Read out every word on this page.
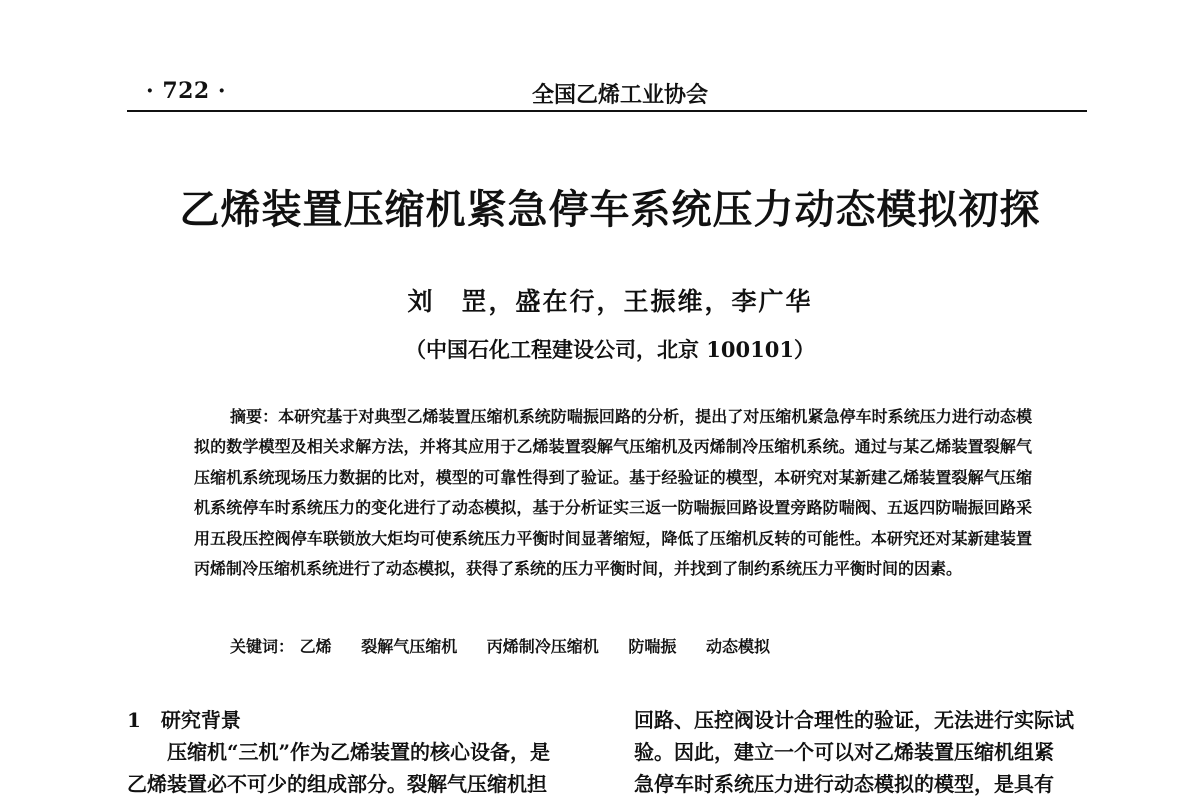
· 722 ·	全国乙烯工业协会
乙烯装置压缩机紧急停车系统压力动态模拟初探
刘　罡，盛在行，王振维，李广华
（中国石化工程建设公司，北京 100101）
摘要：本研究基于对典型乙烯装置压缩机系统防喘振回路的分析，提出了对压缩机紧急停车时系统压力进行动态模拟的数学模型及相关求解方法，并将其应用于乙烯装置裂解气压缩机及丙烯制冷压缩机系统。通过与某乙烯装置裂解气压缩机系统现场压力数据的比对，模型的可靠性得到了验证。基于经验证的模型，本研究对某新建乙烯装置裂解气压缩机系统停车时系统压力的变化进行了动态模拟，基于分析证实三返一防喘振回路设置旁路防喘阀、五返四防喘振回路采用五段压控阀停车联锁放大炬均可使系统压力平衡时间显著缩短，降低了压缩机反转的可能性。本研究还对某新建装置丙烯制冷压缩机系统进行了动态模拟，获得了系统的压力平衡时间，并找到了制约系统压力平衡时间的因素。
关键词： 乙烯 裂解气压缩机 丙烯制冷压缩机 防喘振 动态模拟
1　研究背景
压缩机“三机”作为乙烯装置的核心设备，是
乙烯装置必不可少的组成部分。裂解气压缩机担
回路、压控阀设计合理性的验证，无法进行实际试
验。因此，建立一个可以对乙烯装置压缩机组紧
急停车时系统压力进行动态模拟的模型，是具有
